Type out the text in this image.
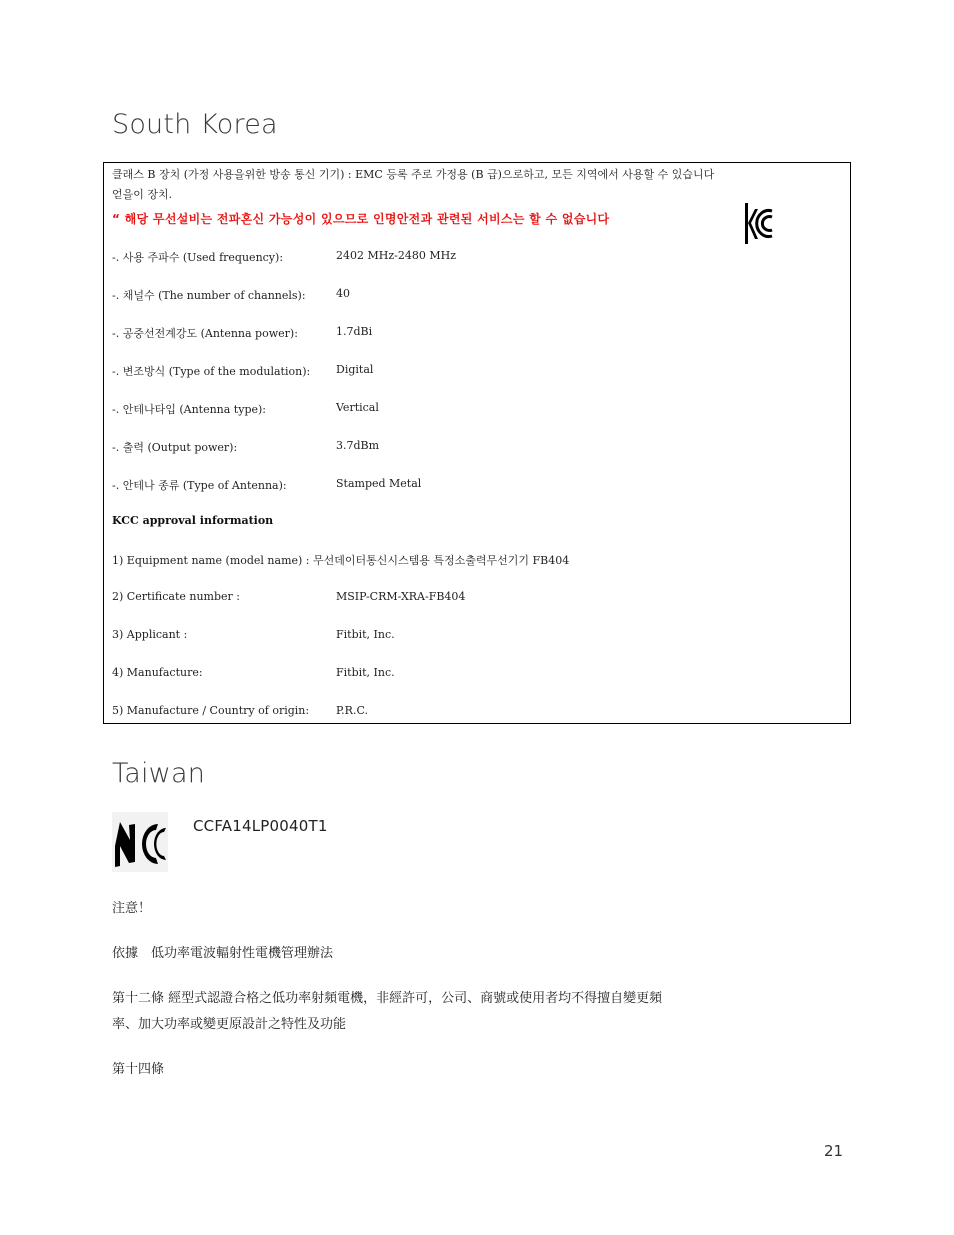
South Korea
클래스 B 장치 (가정 사용을위한 방송 통신 기기) : EMC 등록 주로 가정용 (B 급)으로하고, 모든 지역에서 사용할 수 있습니다
얻을이 장치.
“ 해당 무선설비는 전파혼신 가능성이 있으므로 인명안전과 관련된 서비스는 할 수 없습니다
-. 사용 주파수 (Used frequency):	2402 MHz-2480 MHz
-. 채널수 (The number of channels):	40
-. 공중선전계강도 (Antenna power):	1.7dBi
-. 변조방식 (Type of the modulation): Digital
-. 안테나타입 (Antenna type):	Vertical
-. 출력 (Output power):	3.7dBm
-. 안테나 종류 (Type of Antenna):	Stamped Metal
KCC approval information
1) Equipment name (model name) : 무선데이터통신시스템용 특정소출력무선기기 FB404
2) Certificate number :	MSIP-CRM-XRA-FB404
3) Applicant :	Fitbit, Inc.
4) Manufacture:	Fitbit, Inc.
5) Manufacture / Country of origin: P.R.C.
Taiwan
CCFA14LP0040T1
注意！
依據　低功率電波輻射性電機管理辦法
第十二條 經型式認證合格之低功率射頻電機，非經許可，公司、商號或使用者均不得擅自變更頻
率、加大功率或變更原設計之特性及功能
第十四條
21
